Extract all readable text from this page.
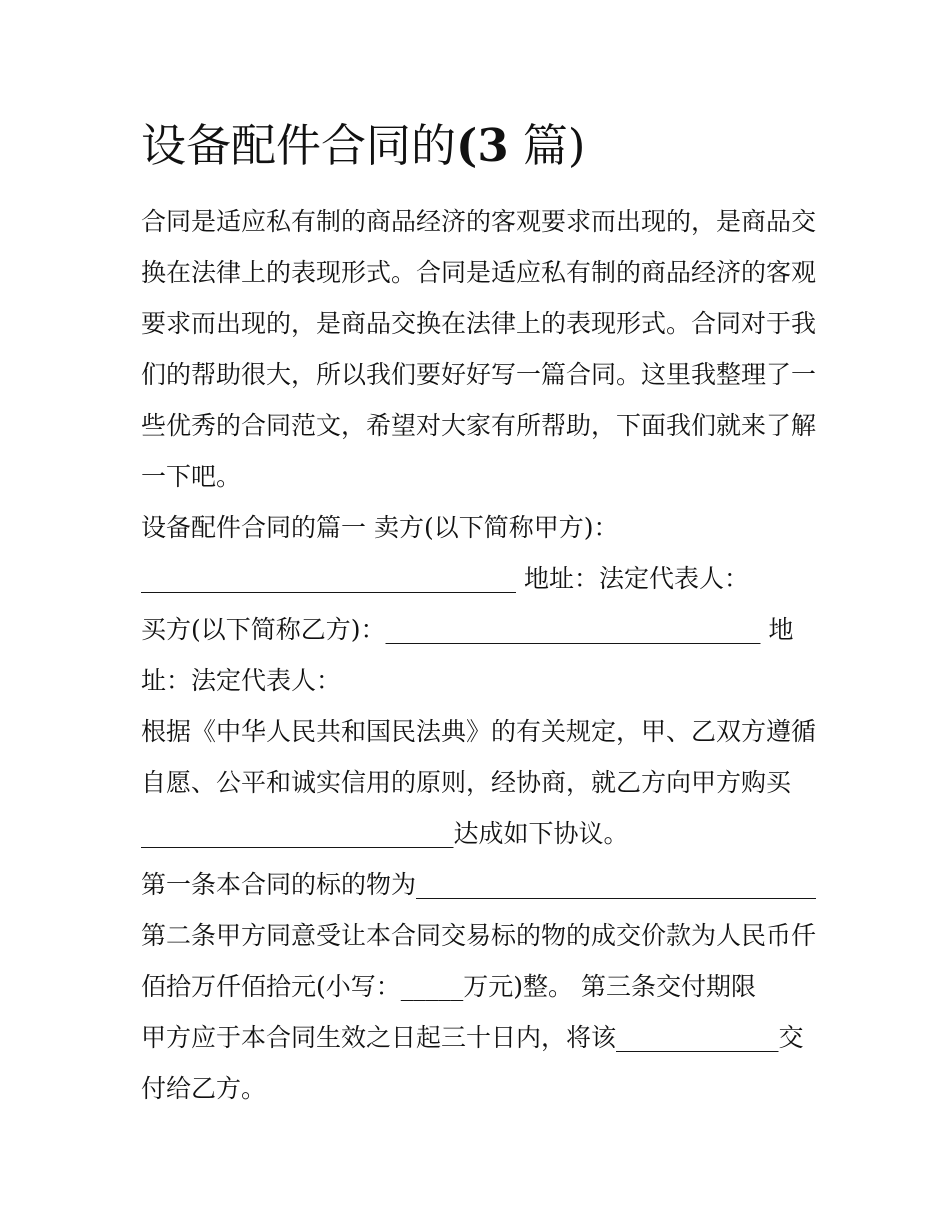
设备配件合同的(3 篇)

合同是适应私有制的商品经济的客观要求而出现的，是商品交

换在法律上的表现形式。合同是适应私有制的商品经济的客观

要求而出现的，是商品交换在法律上的表现形式。合同对于我

们的帮助很大，所以我们要好好写一篇合同。这里我整理了一

些优秀的合同范文，希望对大家有所帮助，下面我们就来了解

一下吧。

设备配件合同的篇一 卖方(以下简称甲方)：

______________________________ 地址：法定代表人：

买方(以下简称乙方)：______________________________ 地

址：法定代表人：

根据《中华人民共和国民法典》的有关规定，甲、乙双方遵循

自愿、公平和诚实信用的原则，经协商，就乙方向甲方购买

_________________________达成如下协议。

第一条本合同的标的物为________________________________

第二条甲方同意受让本合同交易标的物的成交价款为人民币仟

佰拾万仟佰拾元(小写：_____万元)整。 第三条交付期限

甲方应于本合同生效之日起三十日内，将该_____________交

付给乙方。
